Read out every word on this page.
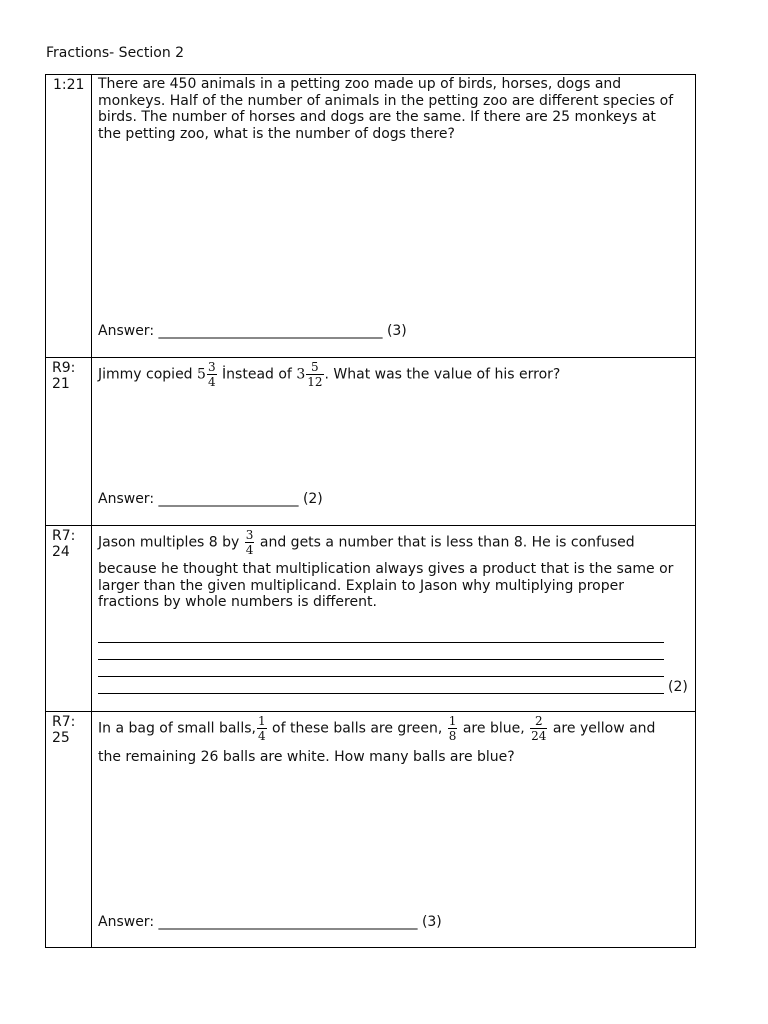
Fractions- Section 2
1:21 There are 450 animals in a petting zoo made up of birds, horses, dogs and monkeys. Half of the number of animals in the petting zoo are different species of birds. The number of horses and dogs are the same. If there are 25 monkeys at the petting zoo, what is the number of dogs there?
Answer: ________________________________ (3)
R9:
21
Jimmy copied $5 \frac{3}{4}$ İnstead of $3 \frac{5}{12}$ . What was the value of his error?
Answer: ____________________ (2)
R7:
24
Jason multiples 8 by $\frac{3}{4}$ and gets a number that is less than 8. He is confused
because he thought that multiplication always gives a product that is the same or larger than the given multiplicand. Explain to Jason why multiplying proper fractions by whole numbers is different.
(2)
R7:
25
In a bag of small balls, $\frac{1}{4}$ of these balls are green, $\frac{1}{8}$ are blue, $\frac{2}{24}$ are yellow and
the remaining 26 balls are white. How many balls are blue?
Answer: _____________________________________ (3)
